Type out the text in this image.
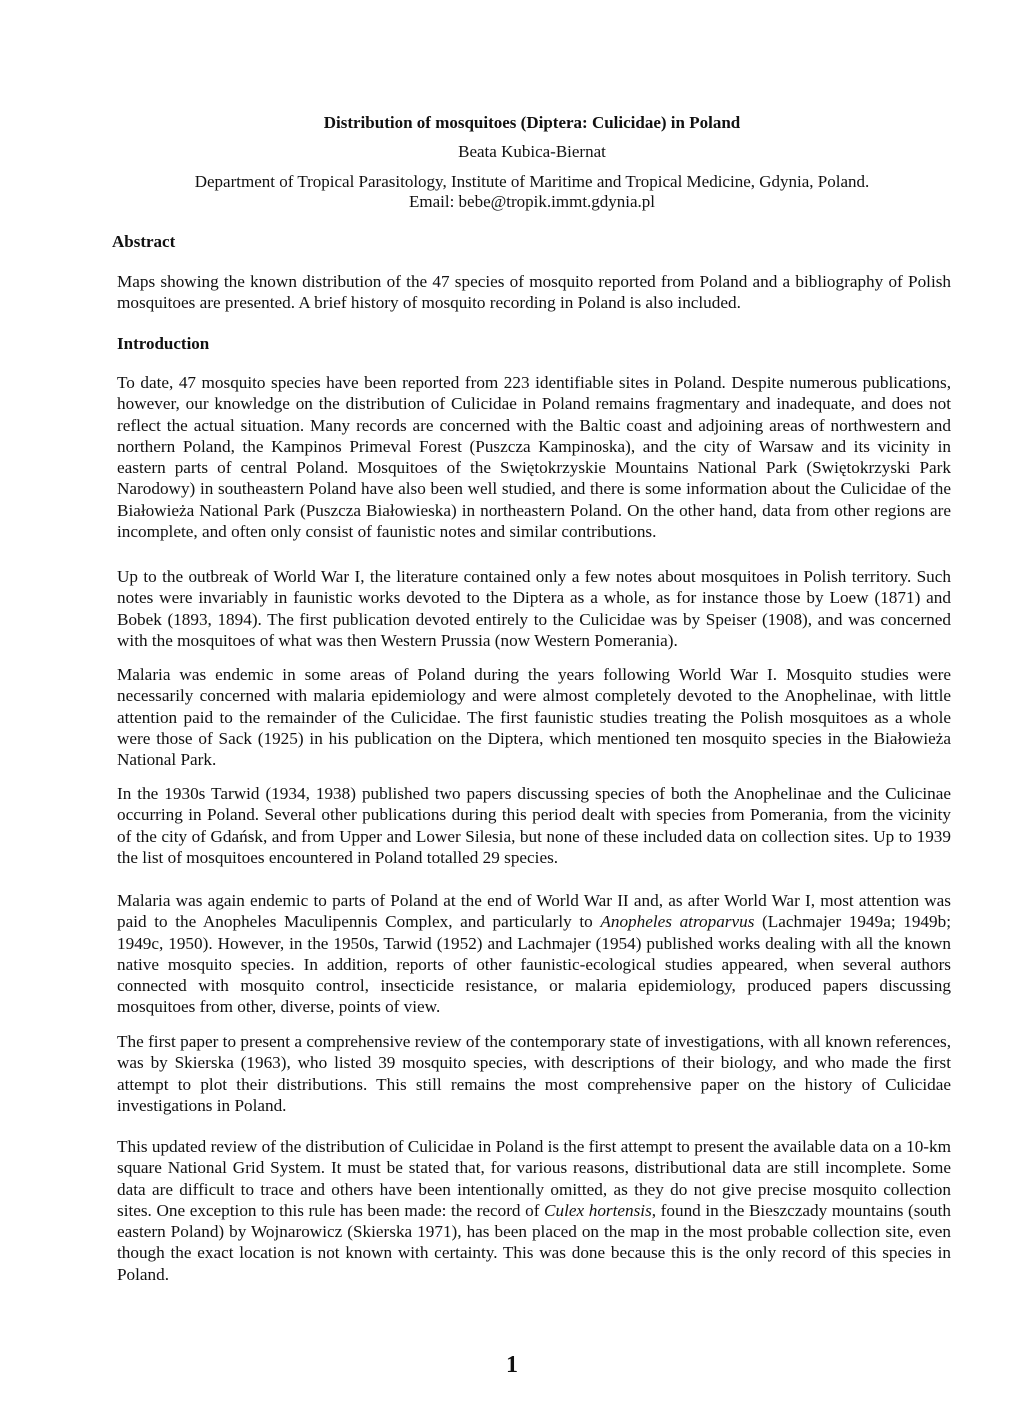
Distribution of mosquitoes (Diptera: Culicidae) in Poland
Beata Kubica-Biernat
Department of Tropical Parasitology, Institute of Maritime and Tropical Medicine, Gdynia, Poland.
Email: bebe@tropik.immt.gdynia.pl
Abstract

Maps showing the known distribution of the 47 species of mosquito reported from Poland and a bibliography of Polish mosquitoes are presented. A brief history of mosquito recording in Poland is also included.

Introduction

To date, 47 mosquito species have been reported from 223 identifiable sites in Poland. Despite numerous publications, however, our knowledge on the distribution of Culicidae in Poland remains fragmentary and inadequate, and does not reflect the actual situation. Many records are concerned with the Baltic coast and adjoining areas of northwestern and northern Poland, the Kampinos Primeval Forest (Puszcza Kampinoska), and the city of Warsaw and its vicinity in eastern parts of central Poland. Mosquitoes of the Swiętokrzyskie Mountains National Park (Swiętokrzyski Park Narodowy) in southeastern Poland have also been well studied, and there is some information about the Culicidae of the Białowieża National Park (Puszcza Białowieska) in northeastern Poland. On the other hand, data from other regions are incomplete, and often only consist of faunistic notes and similar contributions.

Up to the outbreak of World War I, the literature contained only a few notes about mosquitoes in Polish territory. Such notes were invariably in faunistic works devoted to the Diptera as a whole, as for instance those by Loew (1871) and Bobek (1893, 1894). The first publication devoted entirely to the Culicidae was by Speiser (1908), and was concerned with the mosquitoes of what was then Western Prussia (now Western Pomerania).

Malaria was endemic in some areas of Poland during the years following World War I. Mosquito studies were necessarily concerned with malaria epidemiology and were almost completely devoted to the Anophelinae, with little attention paid to the remainder of the Culicidae. The first faunistic studies treating the Polish mosquitoes as a whole were those of Sack (1925) in his publication on the Diptera, which mentioned ten mosquito species in the Białowieża National Park.

In the 1930s Tarwid (1934, 1938) published two papers discussing species of both the Anophelinae and the Culicinae occurring in Poland. Several other publications during this period dealt with species from Pomerania, from the vicinity of the city of Gdańsk, and from Upper and Lower Silesia, but none of these included data on collection sites. Up to 1939 the list of mosquitoes encountered in Poland totalled 29 species.

Malaria was again endemic to parts of Poland at the end of World War II and, as after World War I, most attention was paid to the Anopheles Maculipennis Complex, and particularly to Anopheles atroparvus (Lachmajer 1949a; 1949b; 1949c, 1950). However, in the 1950s, Tarwid (1952) and Lachmajer (1954) published works dealing with all the known native mosquito species. In addition, reports of other faunistic-ecological studies appeared, when several authors connected with mosquito control, insecticide resistance, or malaria epidemiology, produced papers discussing mosquitoes from other, diverse, points of view.

The first paper to present a comprehensive review of the contemporary state of investigations, with all known references, was by Skierska (1963), who listed 39 mosquito species, with descriptions of their biology, and who made the first attempt to plot their distributions. This still remains the most comprehensive paper on the history of Culicidae investigations in Poland.

This updated review of the distribution of Culicidae in Poland is the first attempt to present the available data on a 10-km square National Grid System. It must be stated that, for various reasons, distributional data are still incomplete. Some data are difficult to trace and others have been intentionally omitted, as they do not give precise mosquito collection sites. One exception to this rule has been made: the record of Culex hortensis, found in the Bieszczady mountains (south eastern Poland) by Wojnarowicz (Skierska 1971), has been placed on the map in the most probable collection site, even though the exact location is not known with certainty. This was done because this is the only record of this species in Poland.

1
